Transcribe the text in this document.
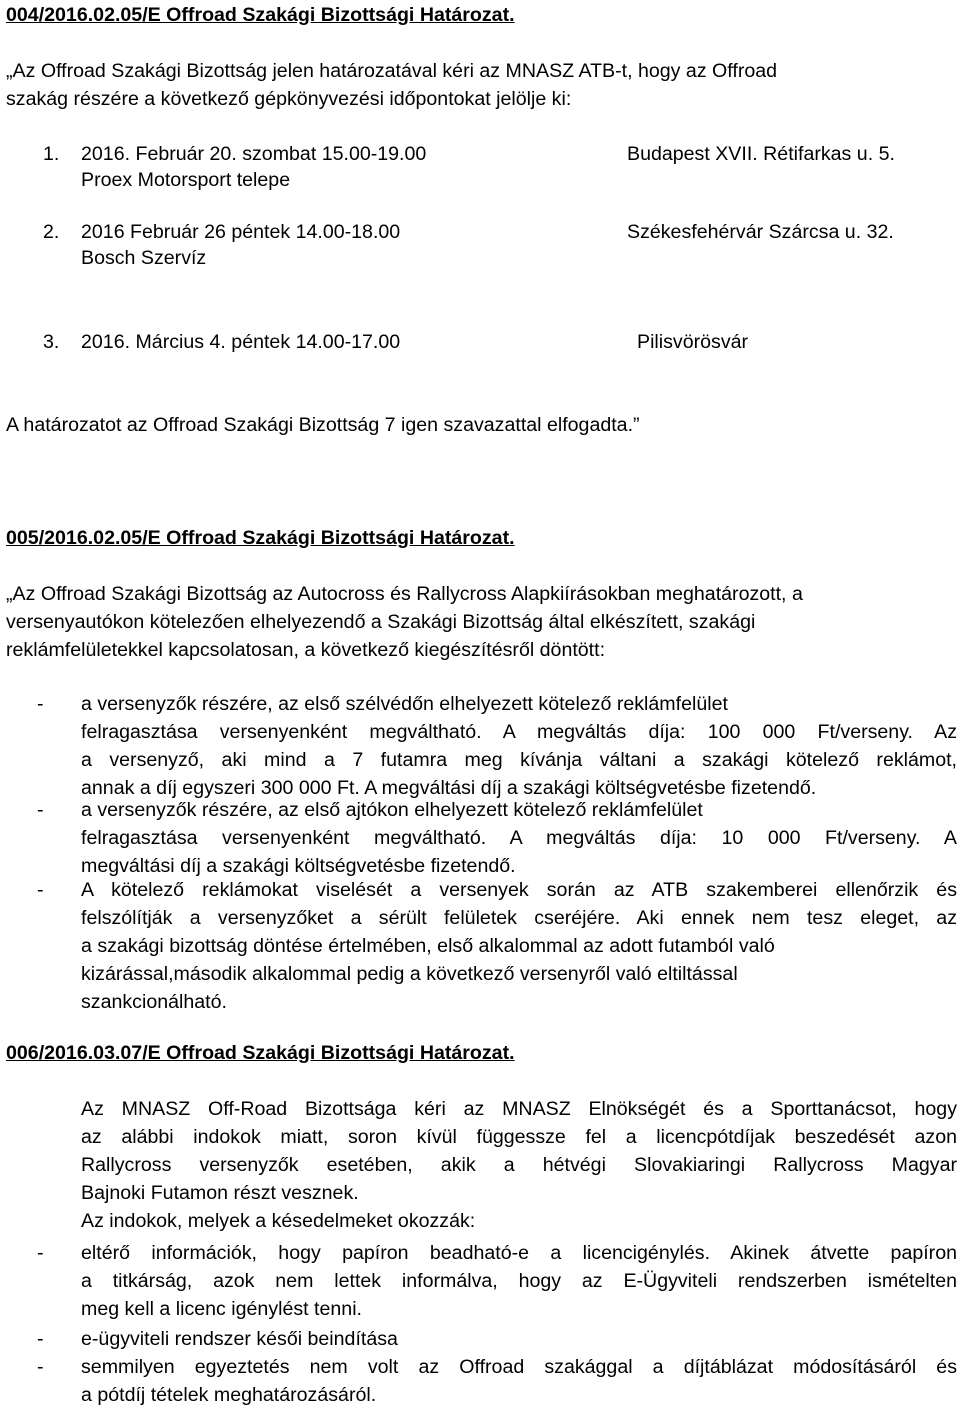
004/2016.02.05/E Offroad Szakági Bizottsági Határozat.
„Az Offroad Szakági Bizottság jelen határozatával kéri az MNASZ ATB-t, hogy az Offroad
szakág részére a következő gépkönyvezési időpontokat jelölje ki:
1. 2016. Február 20. szombat 15.00-19.00	Budapest XVII. Rétifarkas u. 5.
Proex Motorsport telepe
2. 2016 Február 26 péntek 14.00-18.00	Székesfehérvár Szárcsa u. 32.
Bosch Szervíz
3. 2016. Március 4. péntek 14.00-17.00	Pilisvörösvár
A határozatot az Offroad Szakági Bizottság 7 igen szavazattal elfogadta.”
005/2016.02.05/E Offroad Szakági Bizottsági Határozat.
„Az Offroad Szakági Bizottság az Autocross és Rallycross Alapkiírásokban meghatározott, a
versenyautókon kötelezően elhelyezendő a Szakági Bizottság által elkészített, szakági
reklámfelületekkel kapcsolatosan, a következő kiegészítésről döntött:
- a versenyzők részére, az első szélvédőn elhelyezett kötelező reklámfelület
felragasztása versenyenként megváltható. A megváltás díja: 100 000 Ft/verseny. Az
a versenyző, aki mind a 7 futamra meg kívánja váltani a szakági kötelező reklámot,
annak a díj egyszeri 300 000 Ft. A megváltási díj a szakági költségvetésbe fizetendő.
- a versenyzők részére, az első ajtókon elhelyezett kötelező reklámfelület
felragasztása versenyenként megváltható. A megváltás díja: 10 000 Ft/verseny. A
megváltási díj a szakági költségvetésbe fizetendő.
- A kötelező reklámokat viselését a versenyek során az ATB szakemberei ellenőrzik és
felszólítják a versenyzőket a sérült felületek cseréjére. Aki ennek nem tesz eleget, az
a szakági bizottság döntése értelmében, első alkalommal az adott futamból való
kizárással,második alkalommal pedig a következő versenyről való eltiltással
szankcionálható.
006/2016.03.07/E Offroad Szakági Bizottsági Határozat.
Az MNASZ Off-Road Bizottsága kéri az MNASZ Elnökségét és a Sporttanácsot, hogy
az alábbi indokok miatt, soron kívül függessze fel a licencpótdíjak beszedését azon
Rallycross versenyzők esetében, akik a hétvégi Slovakiaringi Rallycross Magyar
Bajnoki Futamon részt vesznek.
Az indokok, melyek a késedelmeket okozzák:
- eltérő információk, hogy papíron beadható-e a licencigénylés. Akinek átvette papíron
a titkárság, azok nem lettek informálva, hogy az E-Ügyviteli rendszerben ismételten
meg kell a licenc igénylést tenni.
- e-ügyviteli rendszer késői beindítása
- semmilyen egyeztetés nem volt az Offroad szakággal a díjtáblázat módosításáról és
a pótdíj tételek meghatározásáról.
